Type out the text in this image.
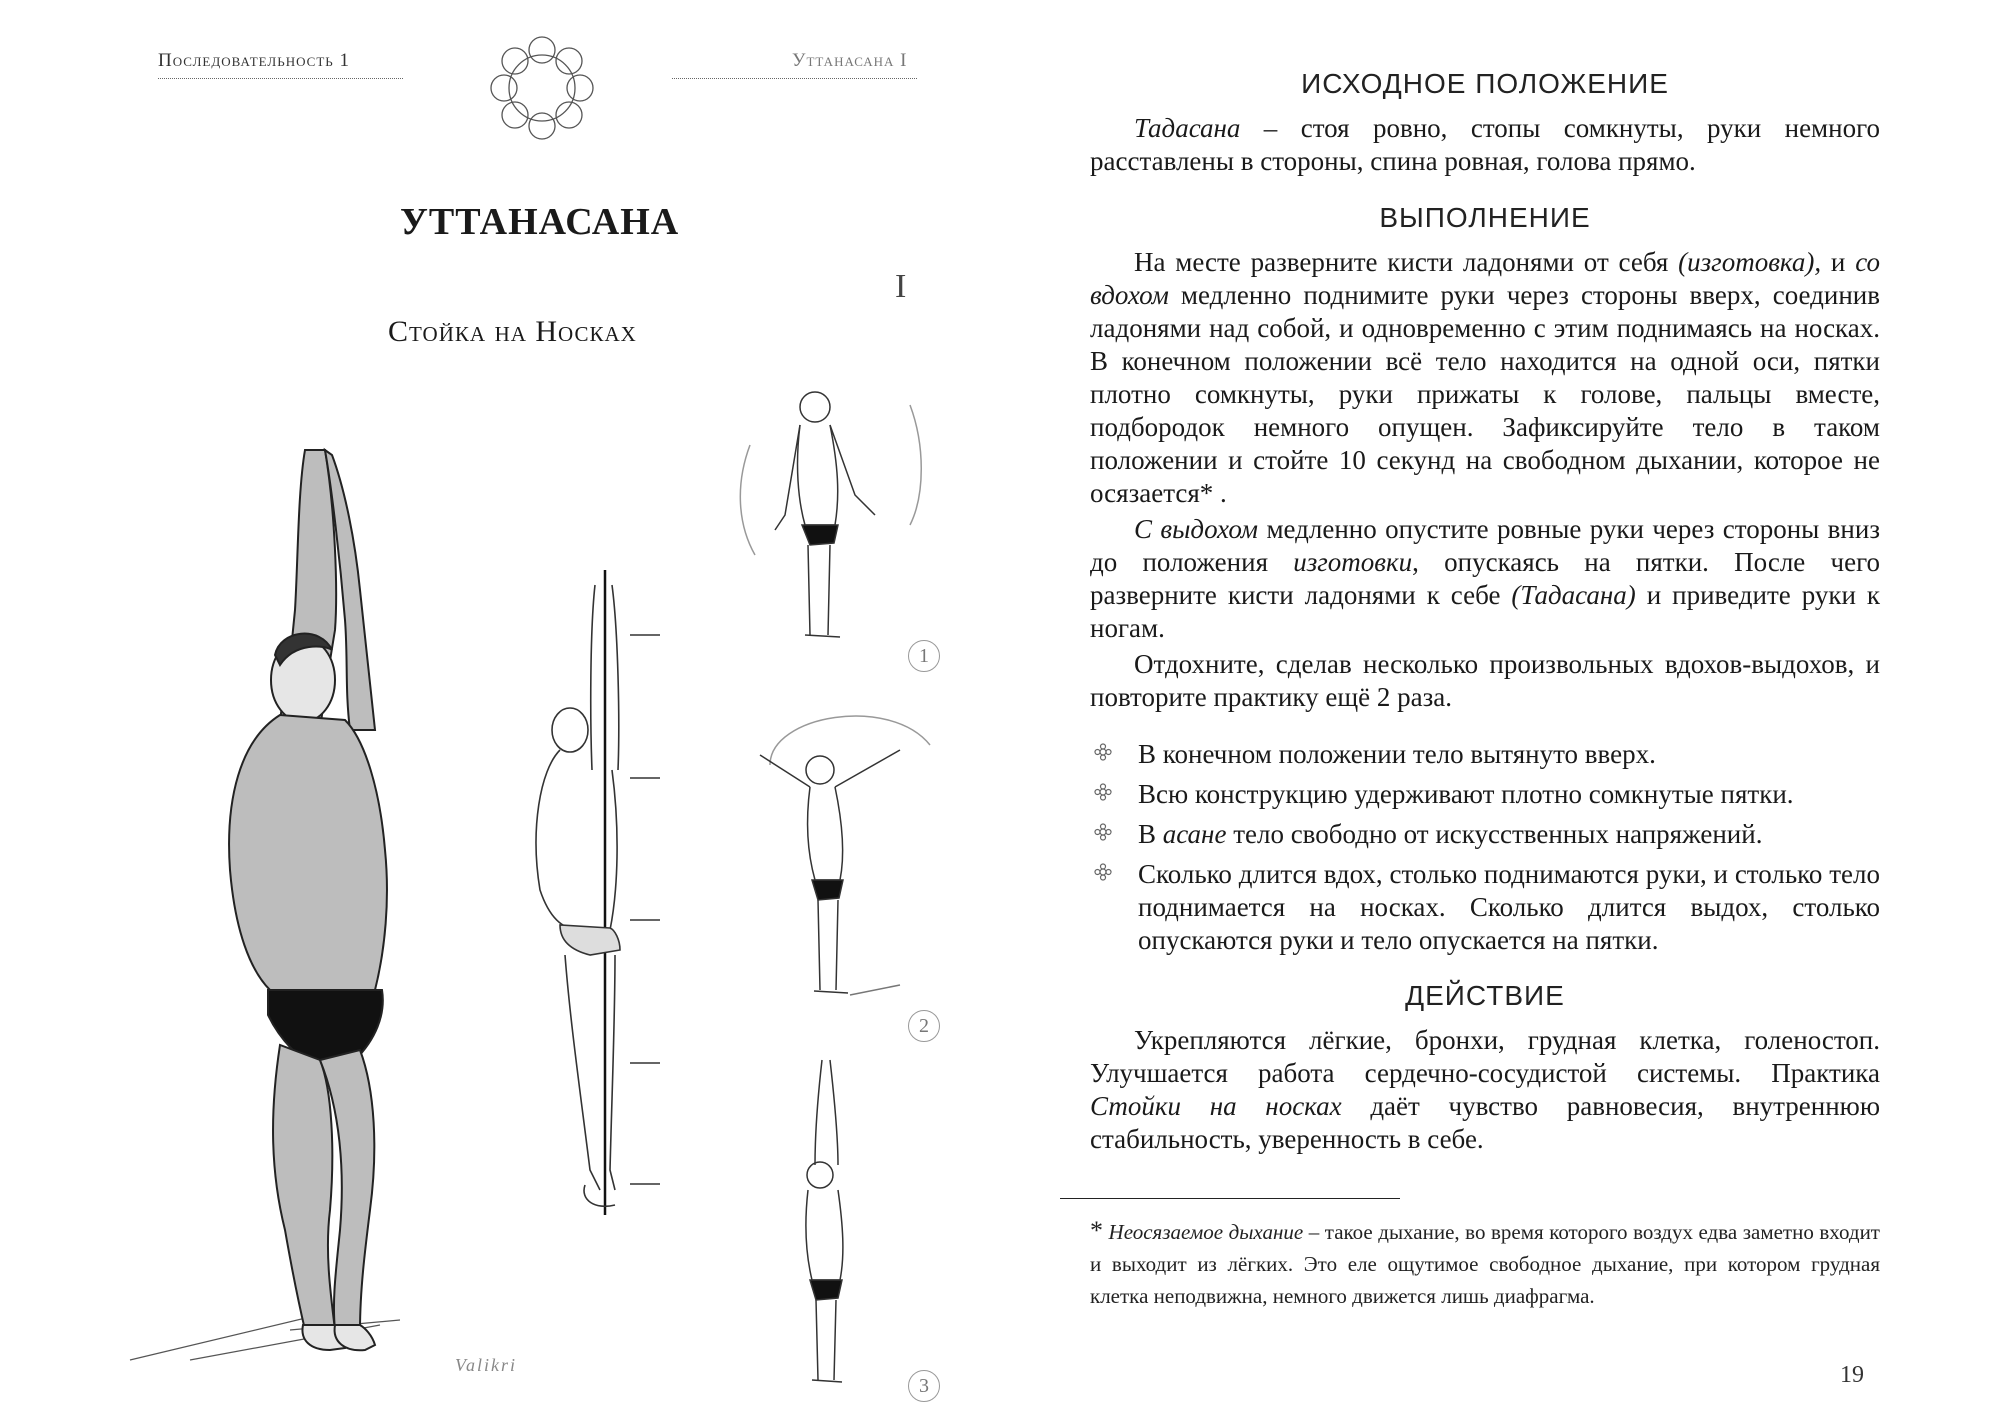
Последовательность 1	Уттанасана I
УТТАНАСАНА
I
Стойка на Носках
1
2
3
Valikri
ИСХОДНОЕ ПОЛОЖЕНИЕ

Тадасана – стоя ровно, стопы сомкнуты, руки немного расставлены в стороны, спина ровная, голова прямо.

ВЫПОЛНЕНИЕ

На месте разверните кисти ладонями от себя (изготовка), и со вдохом медленно поднимите руки через стороны вверх, соединив ладонями над собой, и одновременно с этим поднимаясь на носках. В конечном положении всё тело находится на одной оси, пятки плотно сомкнуты, руки прижаты к голове, пальцы вместе, подбородок немного опущен. Зафиксируйте тело в таком положении и стойте 10 секунд на свободном дыхании, которое не осязается* .

С выдохом медленно опустите ровные руки через стороны вниз до положения изготовки, опускаясь на пятки. После чего разверните кисти ладонями к себе (Тадасана) и приведите руки к ногам.

Отдохните, сделав несколько произвольных вдохов-выдохов, и повторите практику ещё 2 раза.

В конечном положении тело вытянуто вверх.
Всю конструкцию удерживают плотно сомкнутые пятки.
В асане тело свободно от искусственных напряжений.
Сколько длится вдох, столько поднимаются руки, и столько тело поднимается на носках. Сколько длится выдох, столько опускаются руки и тело опускается на пятки.
ДЕЙСТВИЕ

Укрепляются лёгкие, бронхи, грудная клетка, голеностоп. Улучшается работа сердечно-сосудистой системы. Практика Стойки на носках даёт чувство равновесия, внутреннюю стабильность, уверенность в себе.

* Неосязаемое дыхание – такое дыхание, во время которого воздух едва заметно входит и выходит из лёгких. Это еле ощутимое свободное дыхание, при котором грудная клетка неподвижна, немного движется лишь диафрагма.

19
